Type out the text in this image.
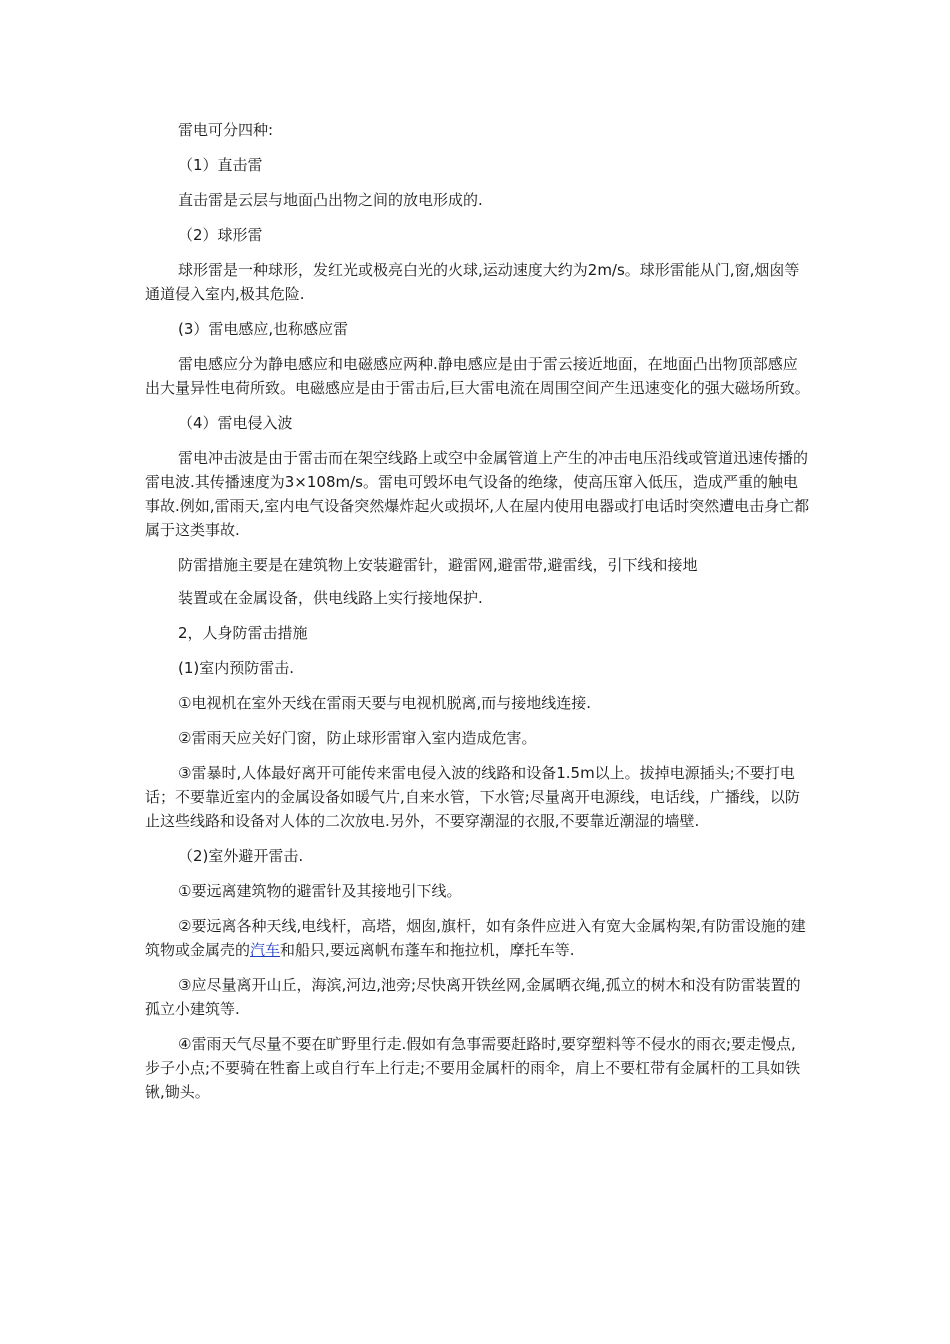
雷电可分四种:

（1）直击雷

直击雷是云层与地面凸出物之间的放电形成的.

（2）球形雷

球形雷是一种球形，发红光或极亮白光的火球,运动速度大约为2m/s。球形雷能从门,窗,烟囱等通道侵入室内,极其危险.

(3）雷电感应,也称感应雷

雷电感应分为静电感应和电磁感应两种.静电感应是由于雷云接近地面，在地面凸出物顶部感应出大量异性电荷所致。电磁感应是由于雷击后,巨大雷电流在周围空间产生迅速变化的强大磁场所致。

（4）雷电侵入波

雷电冲击波是由于雷击而在架空线路上或空中金属管道上产生的冲击电压沿线或管道迅速传播的雷电波.其传播速度为3×108m/s。雷电可毁坏电气设备的绝缘，使高压窜入低压，造成严重的触电事故.例如,雷雨天,室内电气设备突然爆炸起火或损坏,人在屋内使用电器或打电话时突然遭电击身亡都属于这类事故.

防雷措施主要是在建筑物上安装避雷针，避雷网,避雷带,避雷线，引下线和接地

装置或在金属设备，供电线路上实行接地保护.

2，人身防雷击措施

(1)室内预防雷击.

①电视机在室外天线在雷雨天要与电视机脱离,而与接地线连接.

②雷雨天应关好门窗，防止球形雷窜入室内造成危害。

③雷暴时,人体最好离开可能传来雷电侵入波的线路和设备1.5m以上。拔掉电源插头;不要打电话；不要靠近室内的金属设备如暖气片,自来水管，下水管;尽量离开电源线，电话线，广播线，以防止这些线路和设备对人体的二次放电.另外，不要穿潮湿的衣服,不要靠近潮湿的墙壁.

（2)室外避开雷击.

①要远离建筑物的避雷针及其接地引下线。

②要远离各种天线,电线杆，高塔，烟囱,旗杆，如有条件应进入有宽大金属构架,有防雷设施的建筑物或金属壳的汽车和船只,要远离帆布蓬车和拖拉机，摩托车等.

③应尽量离开山丘，海滨,河边,池旁;尽快离开铁丝网,金属晒衣绳,孤立的树木和没有防雷装置的孤立小建筑等.

④雷雨天气尽量不要在旷野里行走.假如有急事需要赶路时,要穿塑料等不侵水的雨衣;要走慢点,步子小点;不要骑在牲畜上或自行车上行走;不要用金属杆的雨伞，肩上不要杠带有金属杆的工具如铁锹,锄头。
